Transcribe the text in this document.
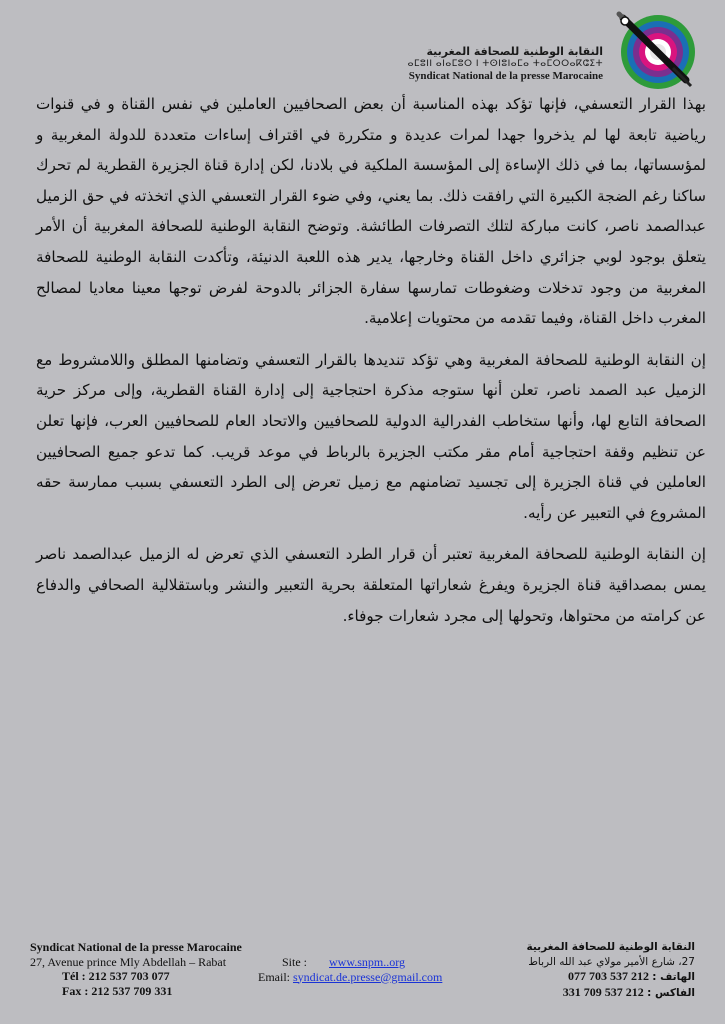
النقابة الوطنية للصحافة المغربية
ⴰⵎⵓⵏⵏ ⴰⵏⴰⵎⵓⵔ ⵏ ⵜⵙⵏⵓⵏⴰⵎⴰ ⵜⴰⵎⵔⵔⴰⴽⵛⵉⵜ
Syndicat National de la presse Marocaine

بهذا القرار التعسفي، فإنها تؤكد بهذه المناسبة أن بعض الصحافيين العاملين في نفس القناة و في قنوات رياضية تابعة لها لم يذخروا جهدا لمرات عديدة و متكررة في اقتراف إساءات متعددة للدولة المغربية و لمؤسساتها، بما في ذلك الإساءة إلى المؤسسة الملكية في بلادنا، لكن إدارة قناة الجزيرة القطرية لم تحرك ساكنا رغم الضجة الكبيرة التي رافقت ذلك. بما يعني، وفي ضوء القرار التعسفي الذي اتخذته في حق الزميل عبدالصمد ناصر، كانت مباركة لتلك التصرفات الطائشة. وتوضح النقابة الوطنية للصحافة المغربية أن الأمر يتعلق بوجود لوبي جزائري داخل القناة وخارجها، يدير هذه اللعبة الدنيئة، وتأكدت النقابة الوطنية للصحافة المغربية من وجود تدخلات وضغوطات تمارسها سفارة الجزائر بالدوحة لفرض توجها معينا معاديا لمصالح المغرب داخل القناة، وفيما تقدمه من محتويات إعلامية.

إن النقابة الوطنية للصحافة المغربية وهي تؤكد تنديدها بالقرار التعسفي وتضامنها المطلق واللامشروط مع الزميل عبد الصمد ناصر، تعلن أنها ستوجه مذكرة احتجاجية إلى إدارة القناة القطرية، وإلى مركز حرية الصحافة التابع لها، وأنها ستخاطب الفدرالية الدولية للصحافيين والاتحاد العام للصحافيين العرب، فإنها تعلن عن تنظيم وقفة احتجاجية أمام مقر مكتب الجزيرة بالرباط في موعد قريب. كما تدعو جميع الصحافيين العاملين في قناة الجزيرة إلى تجسيد تضامنهم مع زميل تعرض إلى الطرد التعسفي بسبب ممارسة حقه المشروع في التعبير عن رأيه.

إن النقابة الوطنية للصحافة المغربية تعتبر أن قرار الطرد التعسفي الذي تعرض له الزميل عبدالصمد ناصر يمس بمصداقية قناة الجزيرة ويفرغ شعاراتها المتعلقة بحرية التعبير والنشر وباستقلالية الصحافي والدفاع عن كرامته من محتواها، وتحولها إلى مجرد شعارات جوفاء.

Syndicat National de la presse Marocaine
27, Avenue prince Mly Abdellah – Rabat
Tél : 212 537 703 077
Fax : 212 537 709 331
Site : www.snpm..org
Email: syndicat.de.presse@gmail.com
النقابة الوطنية للصحافة المغربية
27، شارع الأمير مولاي عبد الله الرباط
الهاتف : 212 537 703 077
الفاكس : 212 537 709 331
